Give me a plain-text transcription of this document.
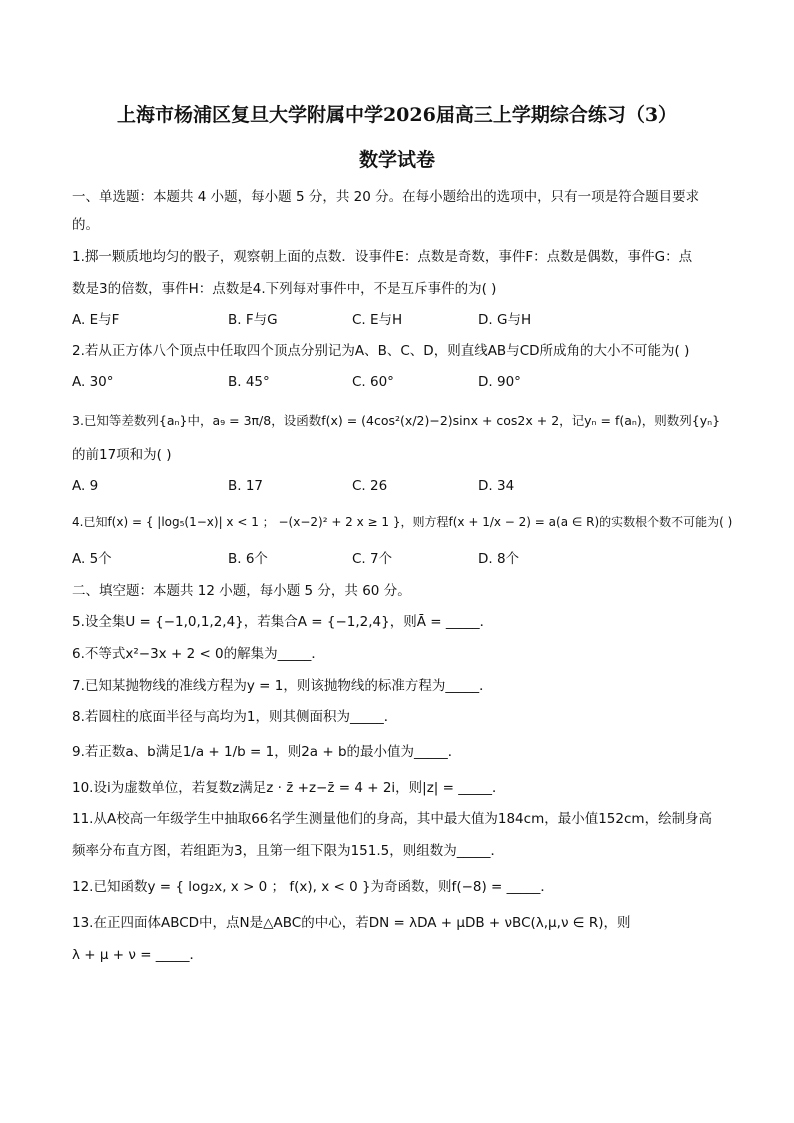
上海市杨浦区复旦大学附属中学2026届高三上学期综合练习（3）
数学试卷
一、单选题：本题共 4 小题，每小题 5 分，共 20 分。在每小题给出的选项中，只有一项是符合题目要求
的。
1.掷一颗质地均匀的骰子，观察朝上面的点数．设事件E：点数是奇数，事件F：点数是偶数，事件G：点
数是3的倍数，事件H：点数是4.下列每对事件中，不是互斥事件的为( )
A. E与F	B. F与G	C. E与H	D. G与H
2.若从正方体八个顶点中任取四个顶点分别记为A、B、C、D，则直线AB与CD所成角的大小不可能为( )
A. 30°	B. 45°	C. 60°	D. 90°
3.已知等差数列{aₙ}中，a₉ = 3π/8，设函数f(x) = (4cos²(x/2)−2)sinx + cos2x + 2，记yₙ = f(aₙ)，则数列{yₙ}
的前17项和为( )
A. 9	B. 17	C. 26	D. 34
4.已知f(x) = { |log₅(1−x)| x < 1 ； −(x−2)² + 2 x ≥ 1 }，则方程f(x + 1/x − 2) = a(a ∈ R)的实数根个数不可能为( )
A. 5个	B. 6个	C. 7个	D. 8个
二、填空题：本题共 12 小题，每小题 5 分，共 60 分。
5.设全集U = {−1,0,1,2,4}，若集合A = {−1,2,4}，则Ā = _____．
6.不等式x²−3x + 2 < 0的解集为_____．
7.已知某抛物线的准线方程为y = 1，则该抛物线的标准方程为_____．
8.若圆柱的底面半径与高均为1，则其侧面积为_____．
9.若正数a、b满足1/a + 1/b = 1，则2a + b的最小值为_____．
10.设i为虚数单位，若复数z满足z · z̄ +z−z̄ = 4 + 2i，则|z| = _____．
11.从A校高一年级学生中抽取66名学生测量他们的身高，其中最大值为184cm，最小值152cm，绘制身高
频率分布直方图，若组距为3，且第一组下限为151.5，则组数为_____．
12.已知函数y = { log₂x, x > 0 ； f(x), x < 0 }为奇函数，则f(−8) = _____．
13.在正四面体ABCD中，点N是△ABC的中心，若DN = λDA + μDB + νBC(λ,μ,ν ∈ R)，则
λ + μ + ν = _____．
